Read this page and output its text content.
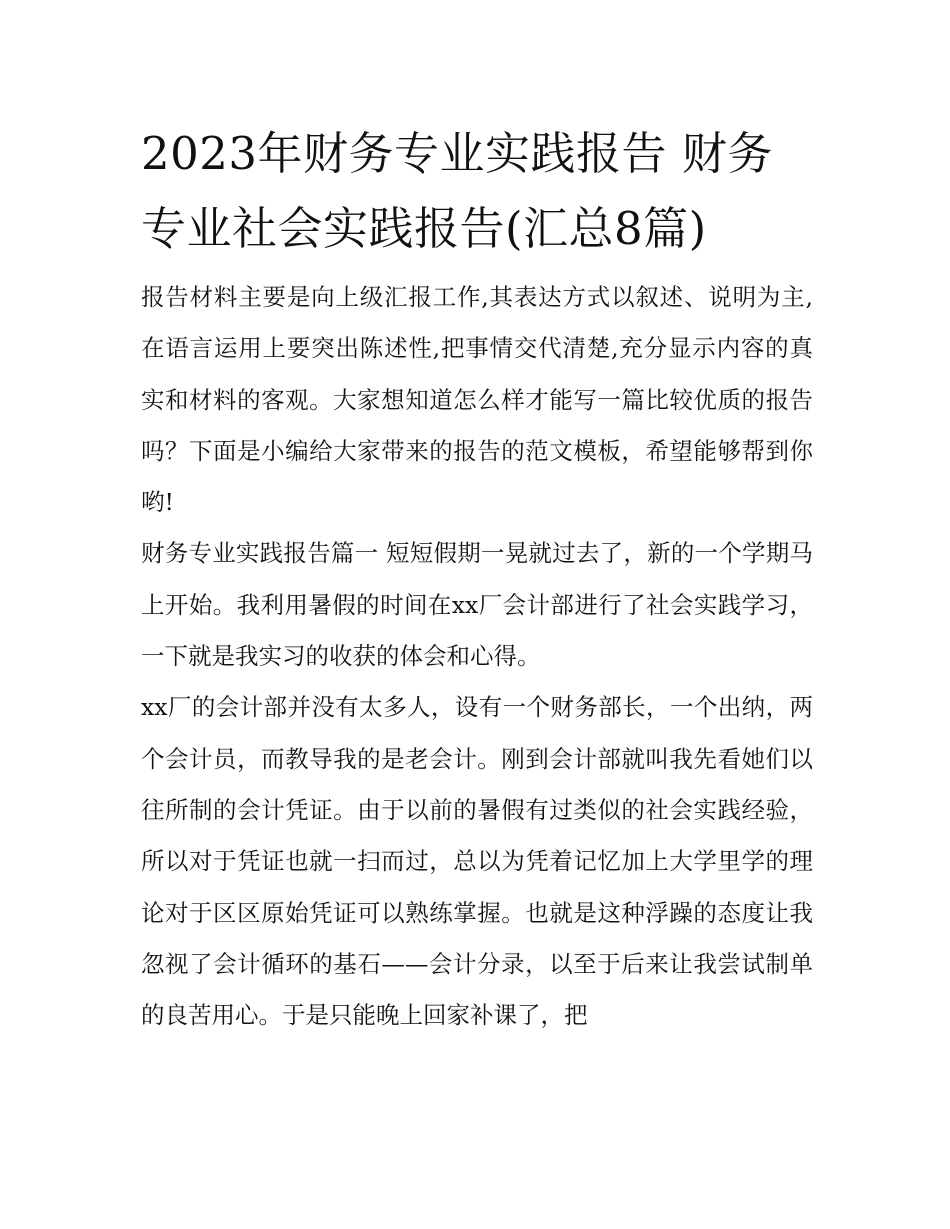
2023年财务专业实践报告 财务专业社会实践报告(汇总8篇)

报告材料主要是向上级汇报工作,其表达方式以叙述、说明为主,在语言运用上要突出陈述性,把事情交代清楚,充分显示内容的真实和材料的客观。大家想知道怎么样才能写一篇比较优质的报告吗？下面是小编给大家带来的报告的范文模板，希望能够帮到你哟!

财务专业实践报告篇一 短短假期一晃就过去了，新的一个学期马上开始。我利用暑假的时间在xx厂会计部进行了社会实践学习，一下就是我实习的收获的体会和心得。

xx厂的会计部并没有太多人，设有一个财务部长，一个出纳，两个会计员，而教导我的是老会计。刚到会计部就叫我先看她们以往所制的会计凭证。由于以前的暑假有过类似的社会实践经验，所以对于凭证也就一扫而过，总以为凭着记忆加上大学里学的理论对于区区原始凭证可以熟练掌握。也就是这种浮躁的态度让我忽视了会计循环的基石——会计分录，以至于后来让我尝试制单的良苦用心。于是只能晚上回家补课了，把
